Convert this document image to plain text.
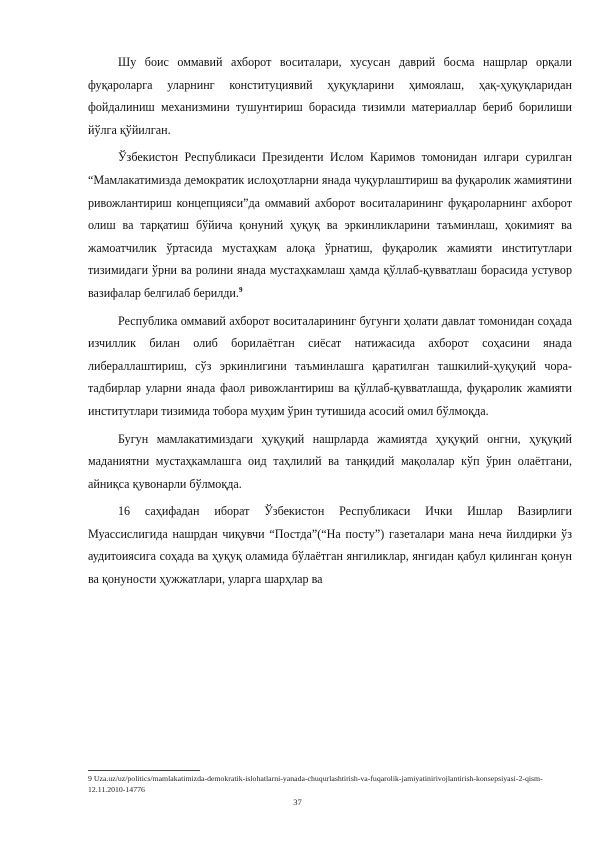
Шу боис оммавий ахборот воситалари, хусусан даврий босма нашрлар орқали фуқароларга уларнинг конституциявий ҳуқуқларини ҳимоялаш, ҳақ-ҳуқуқларидан фойдалиниш механизмини тушунтириш борасида тизимли материаллар бериб борилиши йўлга қўйилган.

Ўзбекистон Республикаси Президенти Ислом Каримов томонидан илгари сурилган “Мамлакатимизда демократик ислоҳотларни янада чуқурлаштириш ва фуқаролик жамиятини ривожлантириш концепцияси”да оммавий ахборот воситаларининг фуқароларнинг ахборот олиш ва тарқатиш бўйича қонуний ҳуқуқ ва эркинликларини таъминлаш, ҳокимият ва жамоатчилик ўртасида мустаҳкам алоқа ўрнатиш, фуқаролик жамияти институтлари тизимидаги ўрни ва ролини янада мустаҳкамлаш ҳамда қўллаб-қувватлаш борасида устувор вазифалар белгилаб берилди.$^9$

Республика оммавий ахборот воситаларининг бугунги ҳолати давлат томонидан соҳада изчиллик билан олиб борилаётган сиёсат натижасида ахборот соҳасини янада либераллаштириш, сўз эркинлигини таъминлашга қаратилган ташкилий-ҳуқуқий чора-тадбирлар уларни янада фаол ривожлантириш ва қўллаб-қувватлашда, фуқаролик жамияти институтлари тизимида тобора муҳим ўрин тутишида асосий омил бўлмоқда.

Бугун мамлакатимиздаги ҳуқуқий нашрларда жамиятда ҳуқуқий онгни, ҳуқуқий маданиятни мустаҳкамлашга оид таҳлилий ва танқидий мақолалар кўп ўрин олаётгани, айниқса қувонарли бўлмоқда.

16 саҳифадан иборат Ўзбекистон Республикаси Ички Ишлар Вазирлиги Муассислигида нашрдан чиқувчи “Постда”(“На посту”) газеталари мана неча йилдирки ўз аудитоиясига соҳада ва ҳуқуқ оламида бўлаётган янгиликлар, янгидан қабул қилинган қонун ва қонуности ҳужжатлари, уларга шарҳлар ва

9 Uza.uz/uz/politics/mamlakatimizda-demokratik-islohatlarni-yanada-chuqurlashtirish-va-fuqarolik-jamiyatinirivojlantirish-konsepsiyasi-2-qism-12.11.2010-14776
37
